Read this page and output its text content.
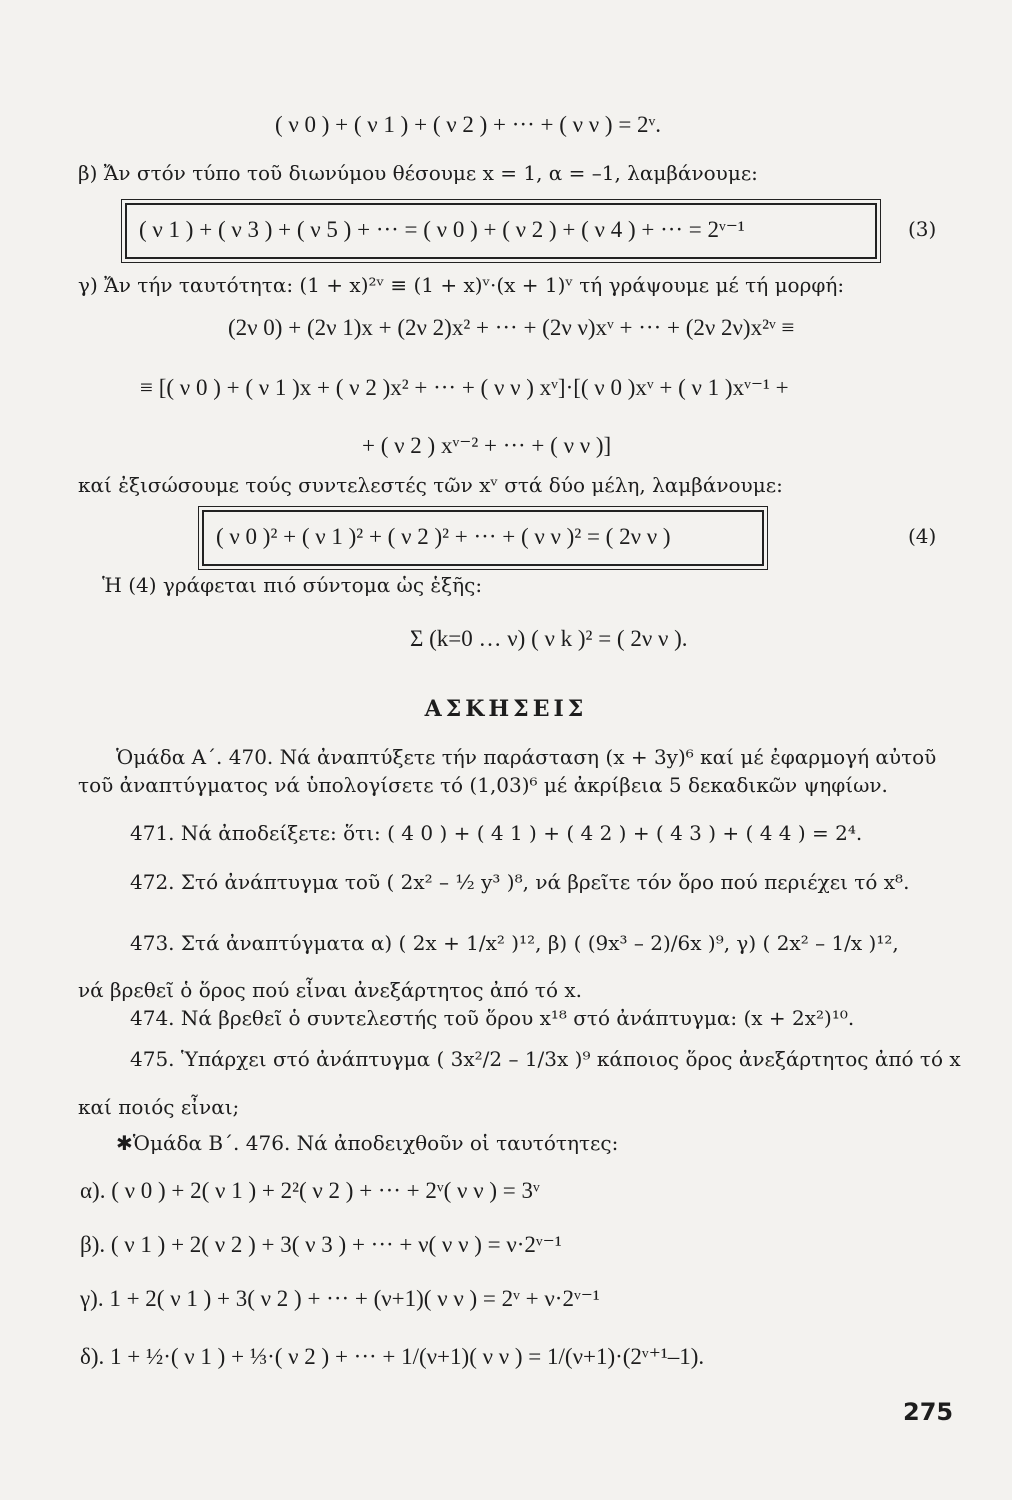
( ν 0 ) + ( ν 1 ) + ( ν 2 ) + ··· + ( ν ν ) = 2ᵛ.
β) Ἄν στόν τύπο τοῦ διωνύμου θέσουμε x = 1, α = –1, λαμβάνουμε:
γ) Ἄν τήν ταυτότητα: (1 + x)²ᵛ ≡ (1 + x)ᵛ·(x + 1)ᵛ τή γράψουμε μέ τή μορφή:
(2ν 0) + (2ν 1)x + (2ν 2)x² + ··· + (2ν ν)xᵛ + ··· + (2ν 2ν)x²ᵛ ≡
≡ [( ν 0 ) + ( ν 1 )x + ( ν 2 )x² + ··· + ( ν ν ) xᵛ]·[( ν 0 )xᵛ + ( ν 1 )xᵛ⁻¹ +
+ ( ν 2 ) xᵛ⁻² + ··· + ( ν ν )]
καί ἐξισώσουμε τούς συντελεστές τῶν xᵛ στά δύο μέλη, λαμβάνουμε:
Ἡ (4) γράφεται πιό σύντομα ὡς ἑξῆς:
Σ (k=0 … ν) ( ν k )² = ( 2ν ν ).
Ὁμάδα Α΄. 470. Νά ἀναπτύξετε τήν παράσταση (x + 3y)⁶ καί μέ ἐφαρμογή αὐτοῦ
τοῦ ἀναπτύγματος νά ὑπολογίσετε τό (1,03)⁶ μέ ἀκρίβεια 5 δεκαδικῶν ψηφίων.
471. Νά ἀποδείξετε: ὅτι: ( 4 0 ) + ( 4 1 ) + ( 4 2 ) + ( 4 3 ) + ( 4 4 ) = 2⁴.
472. Στό ἀνάπτυγμα τοῦ ( 2x² – ½ y³ )⁸, νά βρεῖτε τόν ὅρο πού περιέχει τό x⁸.
473. Στά ἀναπτύγματα α) ( 2x + 1/x² )¹², β) ( (9x³ – 2)/6x )⁹, γ) ( 2x² – 1/x )¹²,
νά βρεθεῖ ὁ ὅρος πού εἶναι ἀνεξάρτητος ἀπό τό x.
474. Νά βρεθεῖ ὁ συντελεστής τοῦ ὅρου x¹⁸ στό ἀνάπτυγμα: (x + 2x²)¹⁰.
475. Ὑπάρχει στό ἀνάπτυγμα ( 3x²/2 – 1/3x )⁹ κάποιος ὅρος ἀνεξάρτητος ἀπό τό x
καί ποιός εἶναι;
✱Ὁμάδα Β΄. 476. Νά ἀποδειχθοῦν οἱ ταυτότητες:
α). ( ν 0 ) + 2( ν 1 ) + 2²( ν 2 ) + ··· + 2ᵛ( ν ν ) = 3ᵛ
β). ( ν 1 ) + 2( ν 2 ) + 3( ν 3 ) + ··· + ν( ν ν ) = ν·2ᵛ⁻¹
γ). 1 + 2( ν 1 ) + 3( ν 2 ) + ··· + (ν+1)( ν ν ) = 2ᵛ + ν·2ᵛ⁻¹
δ). 1 + ½·( ν 1 ) + ⅓·( ν 2 ) + ··· + 1/(ν+1)( ν ν ) = 1/(ν+1)·(2ᵛ⁺¹–1).
( ν 1 ) + ( ν 3 ) + ( ν 5 ) + ··· = ( ν 0 ) + ( ν 2 ) + ( ν 4 ) + ··· = 2ᵛ⁻¹	(3)
( ν 0 )² + ( ν 1 )² + ( ν 2 )² + ··· + ( ν ν )² = ( 2ν ν )	(4)
ΑΣΚΗΣΕΙΣ
275
